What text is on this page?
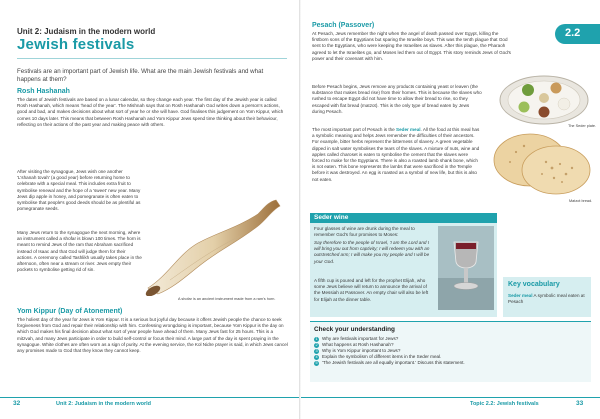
Unit 2: Judaism in the modern world
Jewish festivals

Festivals are an important part of Jewish life. What are the main Jewish festivals and what happens at them?

Rosh Hashanah

The dates of Jewish festivals are based on a lunar calendar, so they change each year. The first day of the Jewish year is called Rosh Hashanah, which means 'head of the year'. The Mishnah says that on Rosh Hashanah God writes down a person's actions, good and bad, and makes decisions about what sort of year he or she will have. God finalises this judgement on Yom Kippur, which comes 10 days later. This means that between Rosh Hashanah and Yom Kippur Jews spend time thinking about their behaviour, reflecting on their actions of the past year and making peace with others.

After visiting the synagogue, Jews wish one another 'L'shanah tovah' (a good year) before returning home to celebrate with a special meal. This includes extra fruit to symbolise renewal and the hope of a 'sweet' new year. Many Jews dip apple in honey, and pomegranate is often eaten to symbolise that people's good deeds should be as plentiful as pomegranate seeds.

Many Jews return to the synagogue the next morning, where an instrument called a shofar is blown 100 times. The horn is meant to remind Jews of the ram that Abraham sacrificed instead of Isaac and that God will judge them for their actions. A ceremony called Tashlikh usually takes place in the afternoon, often near a stream or river. Jews empty their pockets to symbolise getting rid of sin.

A shofar is an ancient instrument made from a ram's horn.
Yom Kippur (Day of Atonement)

The holiest day of the year for Jews is Yom Kippur. It is a serious but joyful day because it offers Jewish people the chance to seek forgiveness from God and repair their relationship with him. Confessing wrongdoing is important, because Yom Kippur is the day on which God makes his final decision about what sort of year people have ahead of them. Many Jews fast for 25 hours. This is a mitzvah, and many Jews participate in order to build self-control or focus their mind. A large part of the day is spent praying in the synagogue. White clothes are often worn as a sign of purity. At the evening service, the Kol Nidre prayer is said, in which Jews cancel any promises made to God that they know they cannot keep.

32	Unit 2: Judaism in the modern world
2.2
Pesach (Passover)

At Pesach, Jews remember the night when the angel of death passed over Egypt, killing the firstborn sons of the Egyptians but sparing the Israelite boys. This was the tenth plague that God sent to the Egyptians, who were keeping the Israelites as slaves. After this plague, the Pharaoh agreed to let the Israelites go, and Moses led them out of Egypt. This story reminds Jews of God's power and their covenant with him.

Before Pesach begins, Jews remove any products containing yeast or leaven (the substance that makes bread rise) from their homes. This is because the slaves who rushed to escape Egypt did not have time to allow their bread to rise, so they escaped with flat bread (matzot). This is the only type of bread eaten by Jews during Pesach.

The most important part of Pesach is the Seder meal. All the food at this meal has a symbolic meaning and helps Jews remember the difficulties of their ancestors. For example, bitter herbs represent the bitterness of slavery. A green vegetable dipped in salt water symbolises the tears of the slaves. A mixture of nuts, wine and apples called charoset is eaten to symbolise the cement that the slaves were forced to make for the Egyptians. There is also a roasted lamb shank bone, which is not eaten. This bone represents the lambs that were sacrificed in the Temple before it was destroyed. An egg is roasted as a symbol of new life, but this is also not eaten.

The Seder plate.
Matzot bread.
Seder wine

Four glasses of wine are drunk during the meal to remember God's four promises to Moses:

Say therefore to the people of Israel, 'I am the Lord and I will bring you out from captivity; I will redeem you with an outstretched arm; I will make you my people and I will be your God.

A fifth cup is poured and left for the prophet Elijah, who some Jews believe will return to announce the arrival of the Messiah at Passover. An empty chair will also be left for Elijah at the dinner table.

Key vocabulary

Seder meal A symbolic meal eaten at Pesach

Check your understanding
1 Why are festivals important for Jews?
2 What happens at Rosh Hashanah?
3 Why is Yom Kippur important to Jews?
4 Explain the symbolism of different items in the Seder meal.
5 'The Jewish festivals are all equally important.' Discuss this statement.
Topic 2.2: Jewish festivals	33
